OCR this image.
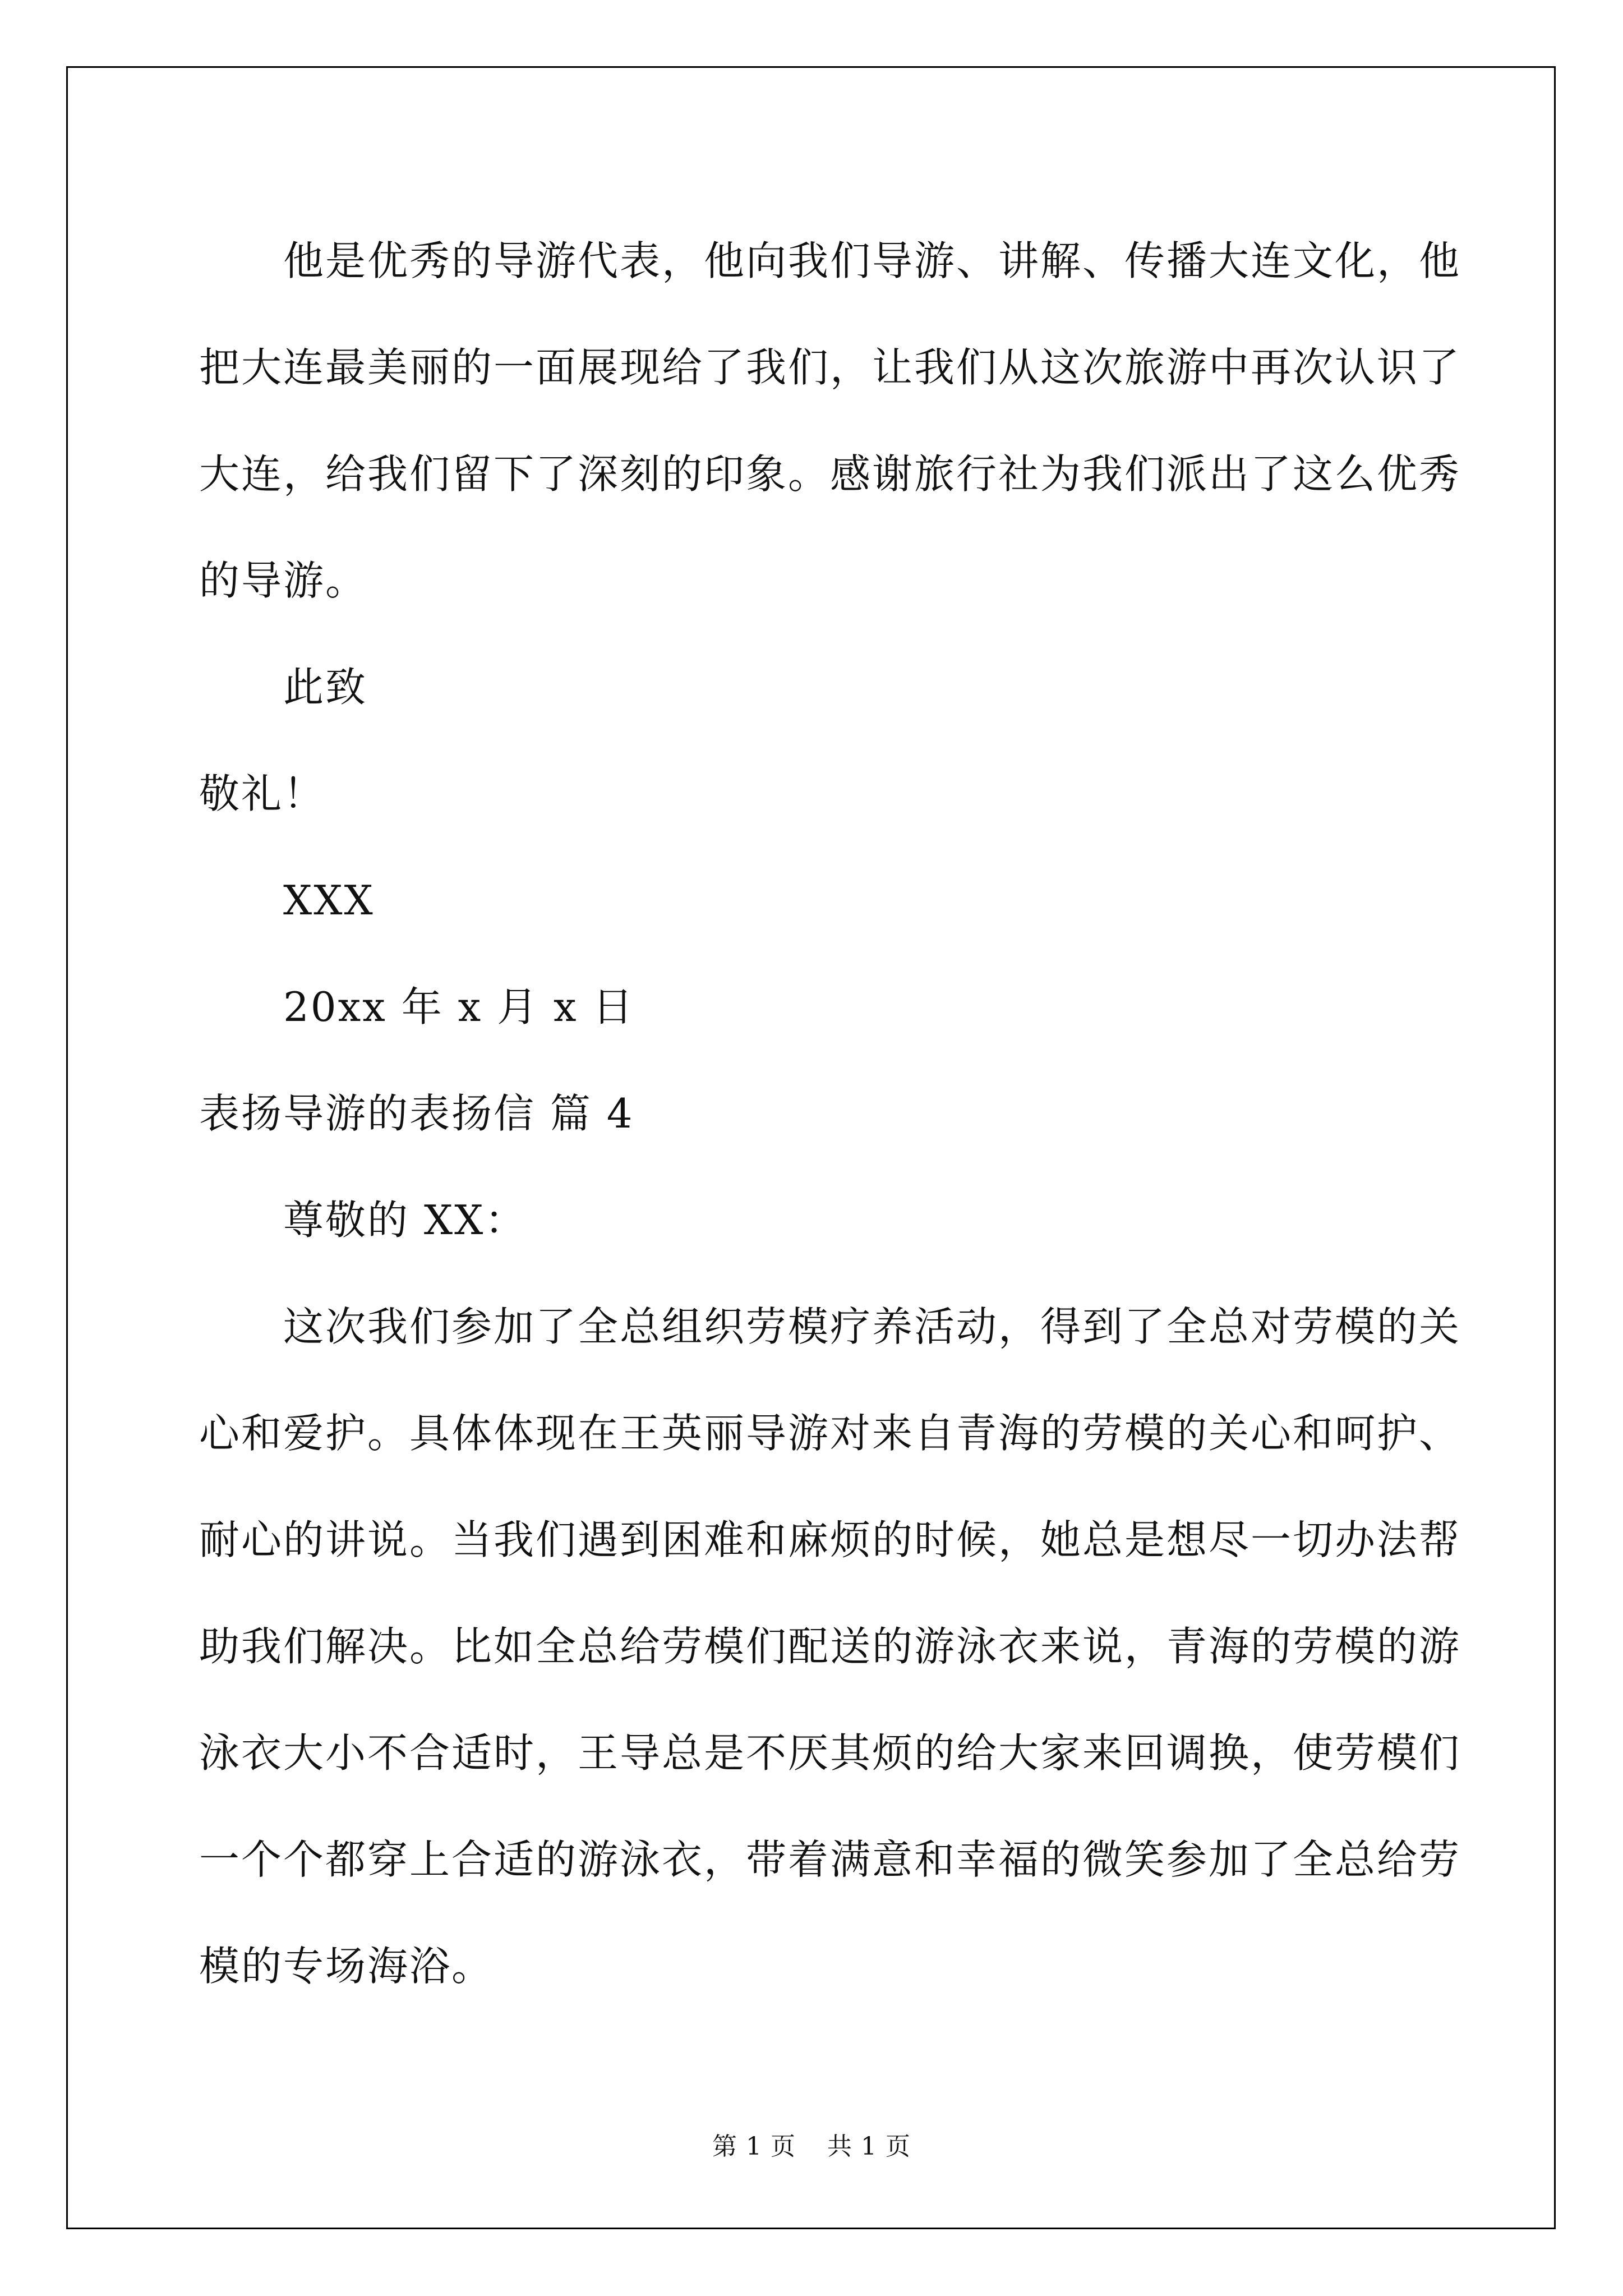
他是优秀的导游代表，他向我们导游、讲解、传播大连文化，他
把大连最美丽的一面展现给了我们，让我们从这次旅游中再次认识了
大连，给我们留下了深刻的印象。感谢旅行社为我们派出了这么优秀
的导游。
此致
敬礼！
XXX
20xx 年 x 月 x 日
表扬导游的表扬信 篇 4
尊敬的 XX：
这次我们参加了全总组织劳模疗养活动，得到了全总对劳模的关
心和爱护。具体体现在王英丽导游对来自青海的劳模的关心和呵护、
耐心的讲说。当我们遇到困难和麻烦的时候，她总是想尽一切办法帮
助我们解决。比如全总给劳模们配送的游泳衣来说，青海的劳模的游
泳衣大小不合适时，王导总是不厌其烦的给大家来回调换，使劳模们
一个个都穿上合适的游泳衣，带着满意和幸福的微笑参加了全总给劳
模的专场海浴。
第 1 页 共 1 页
